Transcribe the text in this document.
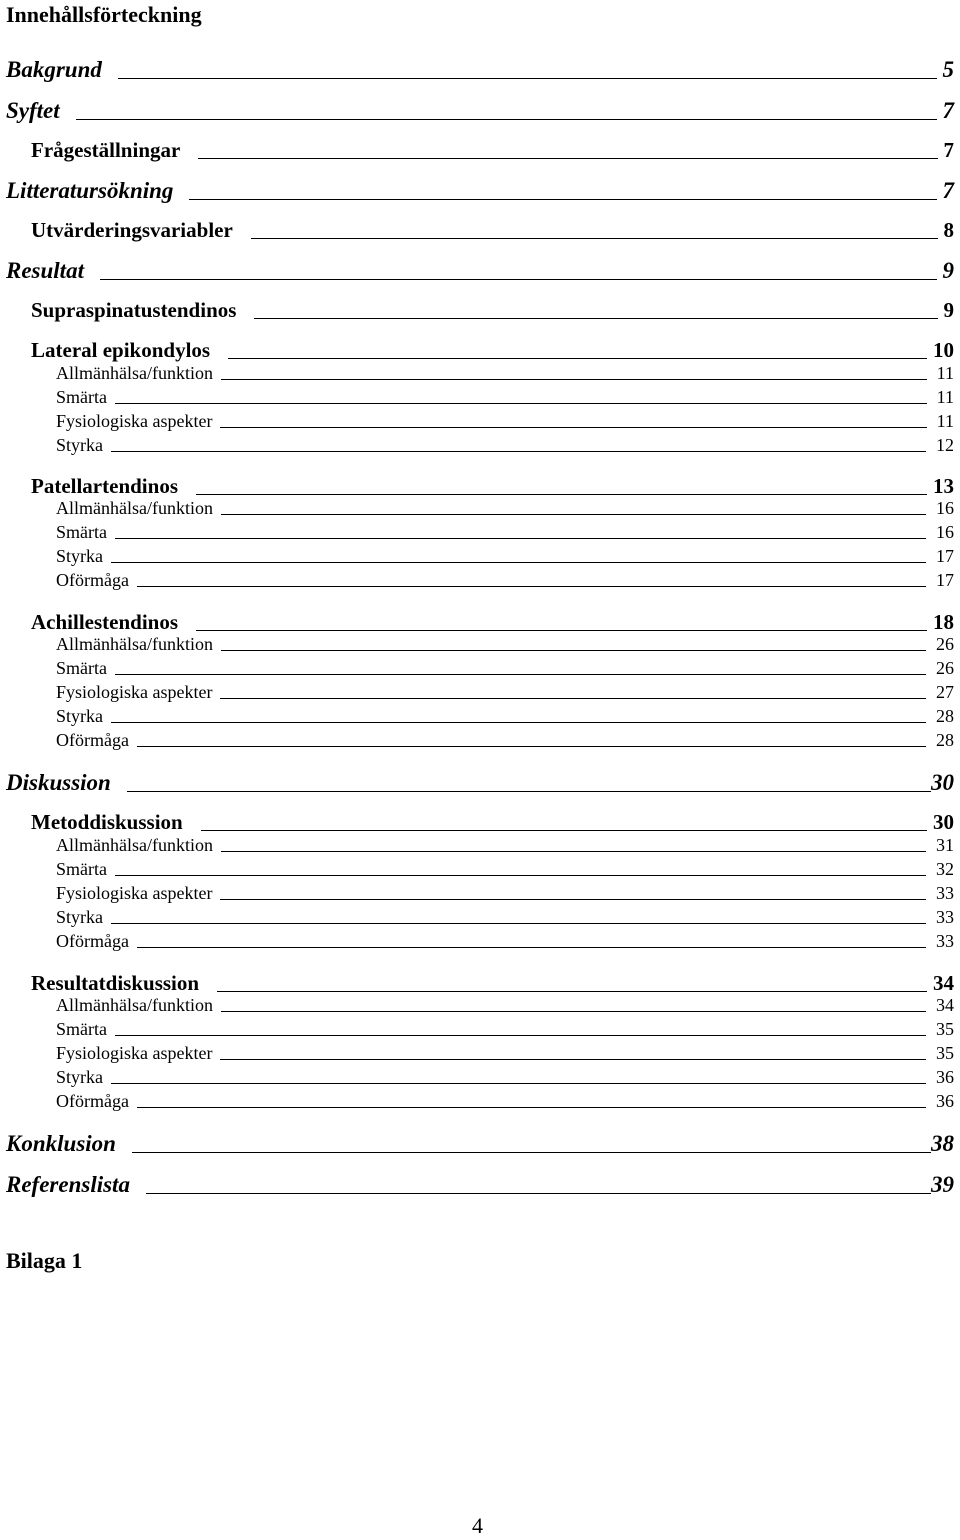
Innehållsförteckning
Bakgrund	5
Syftet	7
Frågeställningar	7
Litteratursökning	7
Utvärderingsvariabler	8
Resultat	9
Supraspinatustendinos	9
Lateral epikondylos	10
Allmänhälsa/funktion	11
Smärta	11
Fysiologiska aspekter	11
Styrka	12
Patellartendinos	13
Allmänhälsa/funktion	16
Smärta	16
Styrka	17
Oförmåga	17
Achillestendinos	18
Allmänhälsa/funktion	26
Smärta	26
Fysiologiska aspekter	27
Styrka	28
Oförmåga	28
Diskussion	30
Metoddiskussion	30
Allmänhälsa/funktion	31
Smärta	32
Fysiologiska aspekter	33
Styrka	33
Oförmåga	33
Resultatdiskussion	34
Allmänhälsa/funktion	34
Smärta	35
Fysiologiska aspekter	35
Styrka	36
Oförmåga	36
Konklusion	38
Referenslista	39
Bilaga 1
4
